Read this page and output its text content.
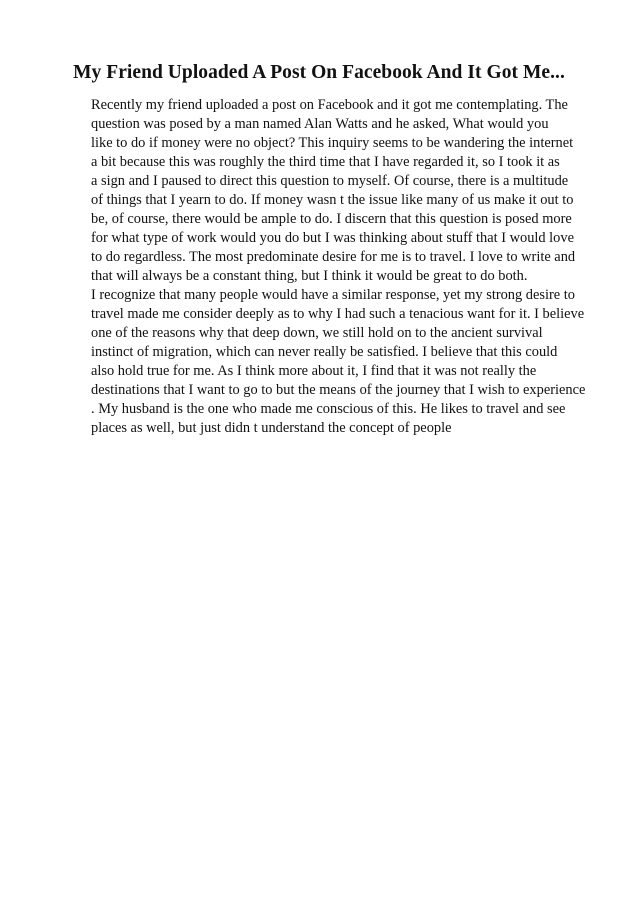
My Friend Uploaded A Post On Facebook And It Got Me...
Recently my friend uploaded a post on Facebook and it got me contemplating. The
question was posed by a man named Alan Watts and he asked, What would you
like to do if money were no object? This inquiry seems to be wandering the internet
a bit because this was roughly the third time that I have regarded it, so I took it as
a sign and I paused to direct this question to myself. Of course, there is a multitude
of things that I yearn to do. If money wasn t the issue like many of us make it out to
be, of course, there would be ample to do. I discern that this question is posed more
for what type of work would you do but I was thinking about stuff that I would love
to do regardless. The most predominate desire for me is to travel. I love to write and
that will always be a constant thing, but I think it would be great to do both.
I recognize that many people would have a similar response, yet my strong desire to
travel made me consider deeply as to why I had such a tenacious want for it. I believe
one of the reasons why that deep down, we still hold on to the ancient survival
instinct of migration, which can never really be satisfied. I believe that this could
also hold true for me. As I think more about it, I find that it was not really the
destinations that I want to go to but the means of the journey that I wish to experience
. My husband is the one who made me conscious of this. He likes to travel and see
places as well, but just didn t understand the concept of people
